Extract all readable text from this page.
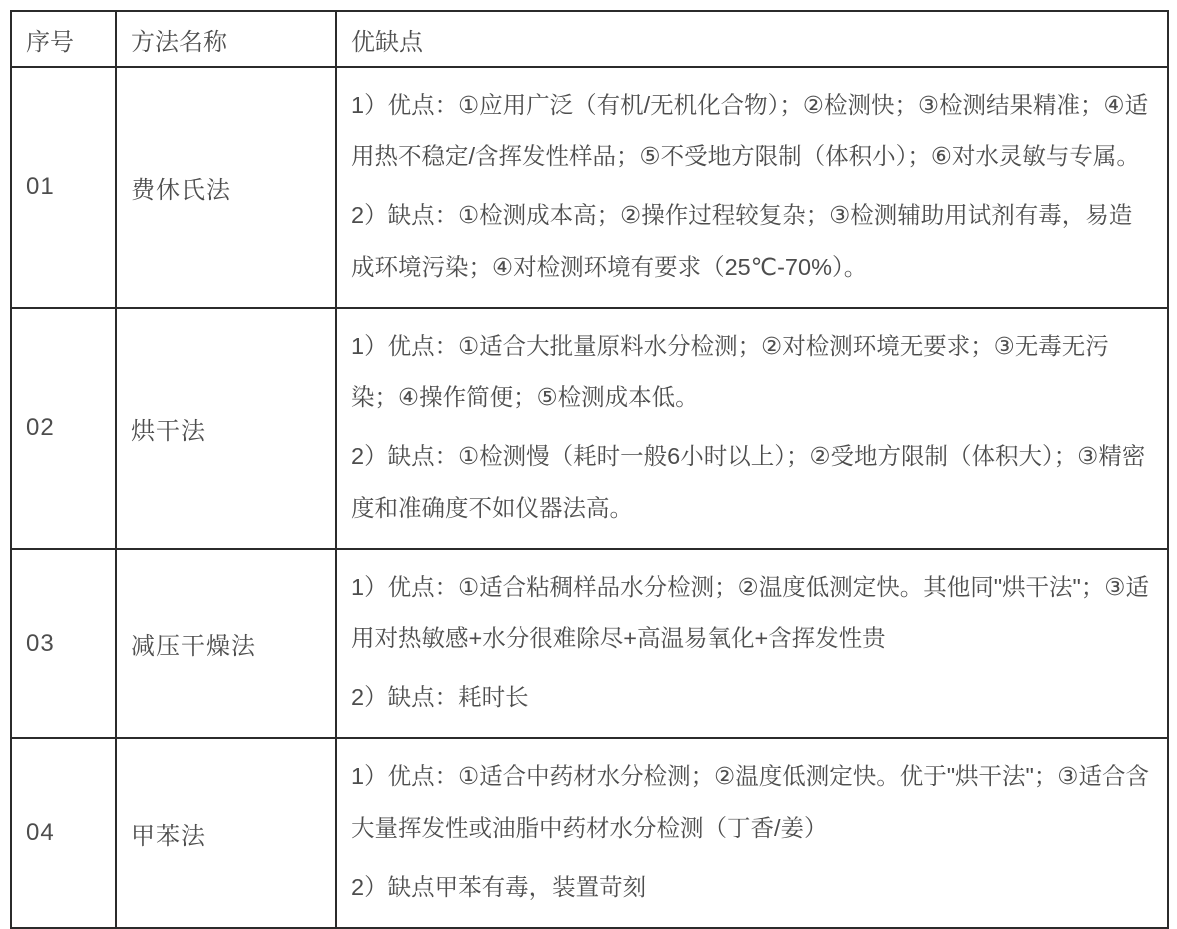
序号	方法名称	优缺点
01	费休氏法	1）优点：①应用广泛（有机/无机化合物）；②检测快；③检测结果精准；④适用热不稳定/含挥发性样品；⑤不受地方限制（体积小）；⑥对水灵敏与专属。

2）缺点：①检测成本高；②操作过程较复杂；③检测辅助用试剂有毒，易造成环境污染；④对检测环境有要求（25℃-70%）。

02	烘干法	1）优点：①适合大批量原料水分检测；②对检测环境无要求；③无毒无污染；④操作简便；⑤检测成本低。

2）缺点：①检测慢（耗时一般6小时以上）；②受地方限制（体积大）；③精密度和准确度不如仪器法高。

03	减压干燥法	1）优点：①适合粘稠样品水分检测；②温度低测定快。其他同"烘干法"；③适用对热敏感+水分很难除尽+高温易氧化+含挥发性贵

2）缺点：耗时长

04	甲苯法	1）优点：①适合中药材水分检测；②温度低测定快。优于"烘干法"；③适合含大量挥发性或油脂中药材水分检测（丁香/姜）

2）缺点甲苯有毒，装置苛刻
